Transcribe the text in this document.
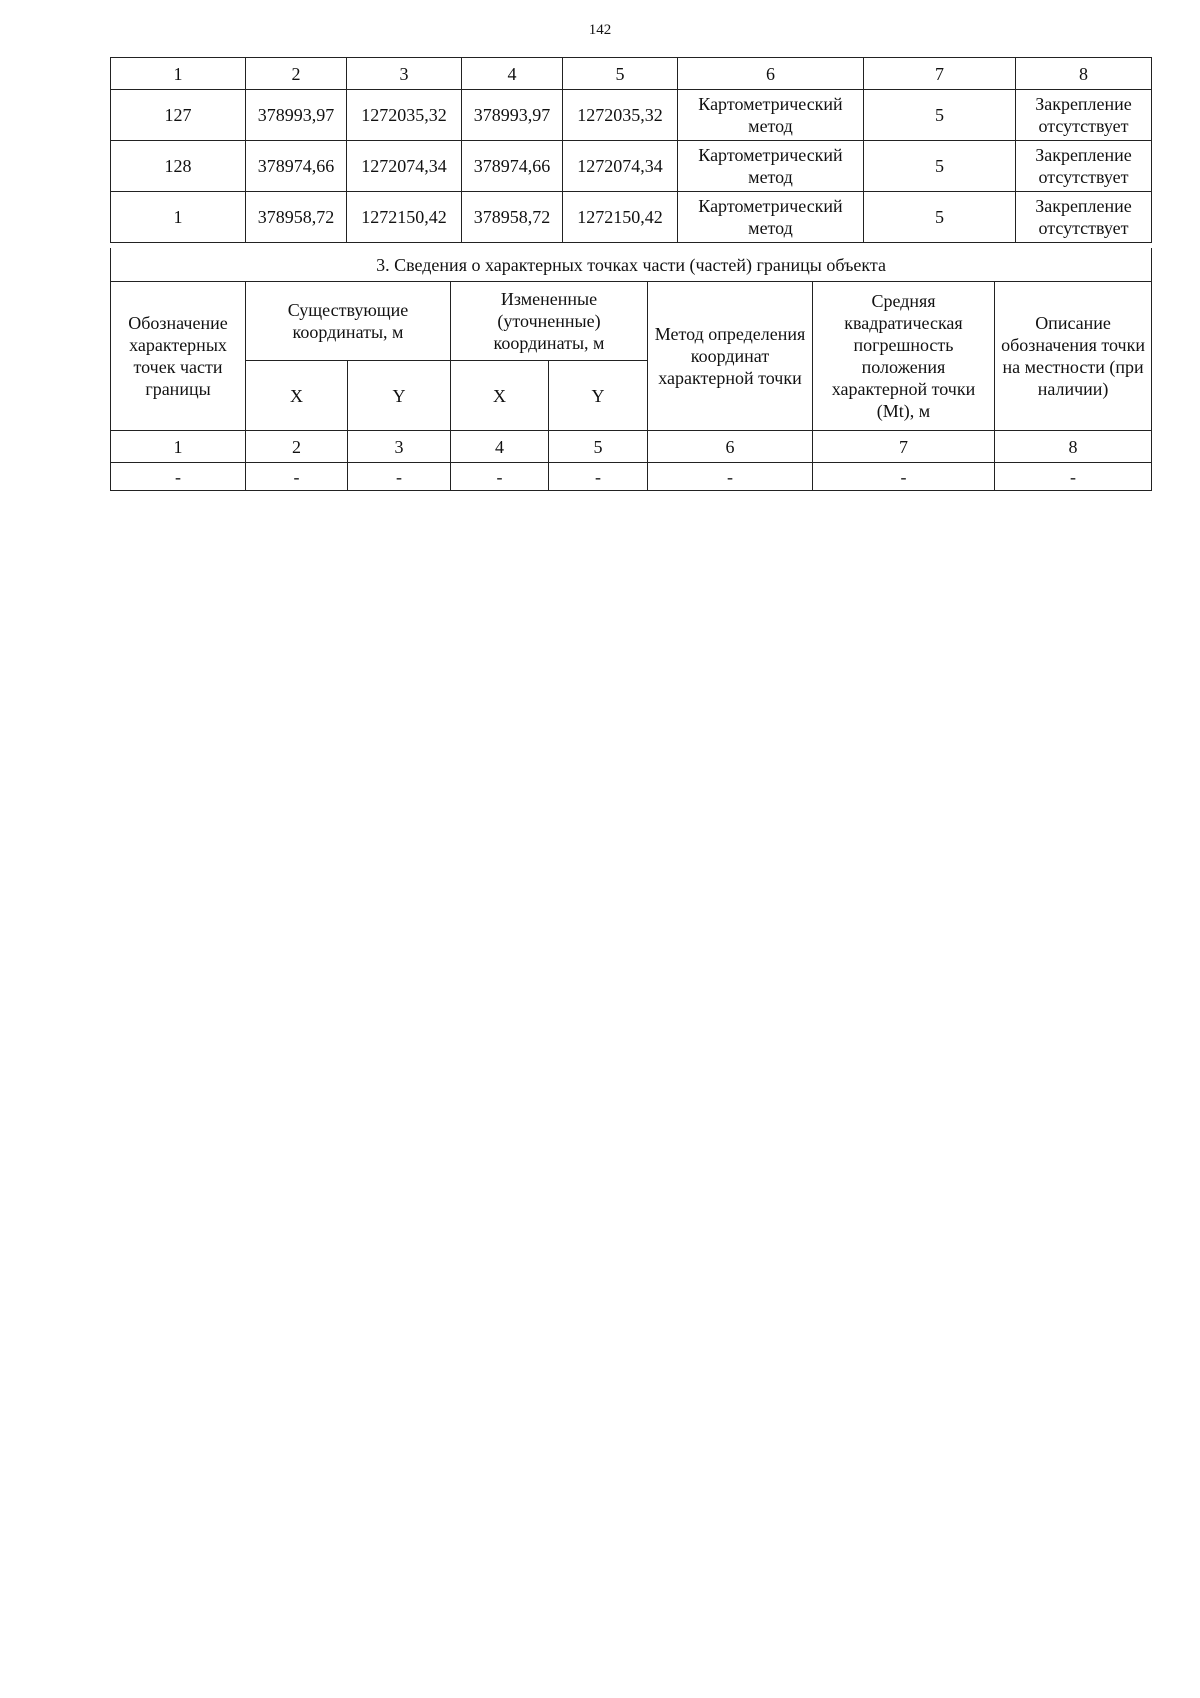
142
1	2	3	4	5	6	7	8
127	378993,97	1272035,32	378993,97	1272035,32	Картометрический метод	5	Закрепление отсутствует
128	378974,66	1272074,34	378974,66	1272074,34	Картометрический метод	5	Закрепление отсутствует
1	378958,72	1272150,42	378958,72	1272150,42	Картометрический метод	5	Закрепление отсутствует
3. Сведения о характерных точках части (частей) границы объекта							
Обозначение характерных точек части границы	Существующие координаты, м		Измененные (уточненные) координаты, м		Метод определения координат характерной точки	Средняя квадратическая погрешность положения характерной точки (Mt), м	Описание обозначения точки на местности (при наличии)
	X	Y	X	Y			
1	2	3	4	5	6	7	8
-	-	-	-	-	-	-	-
